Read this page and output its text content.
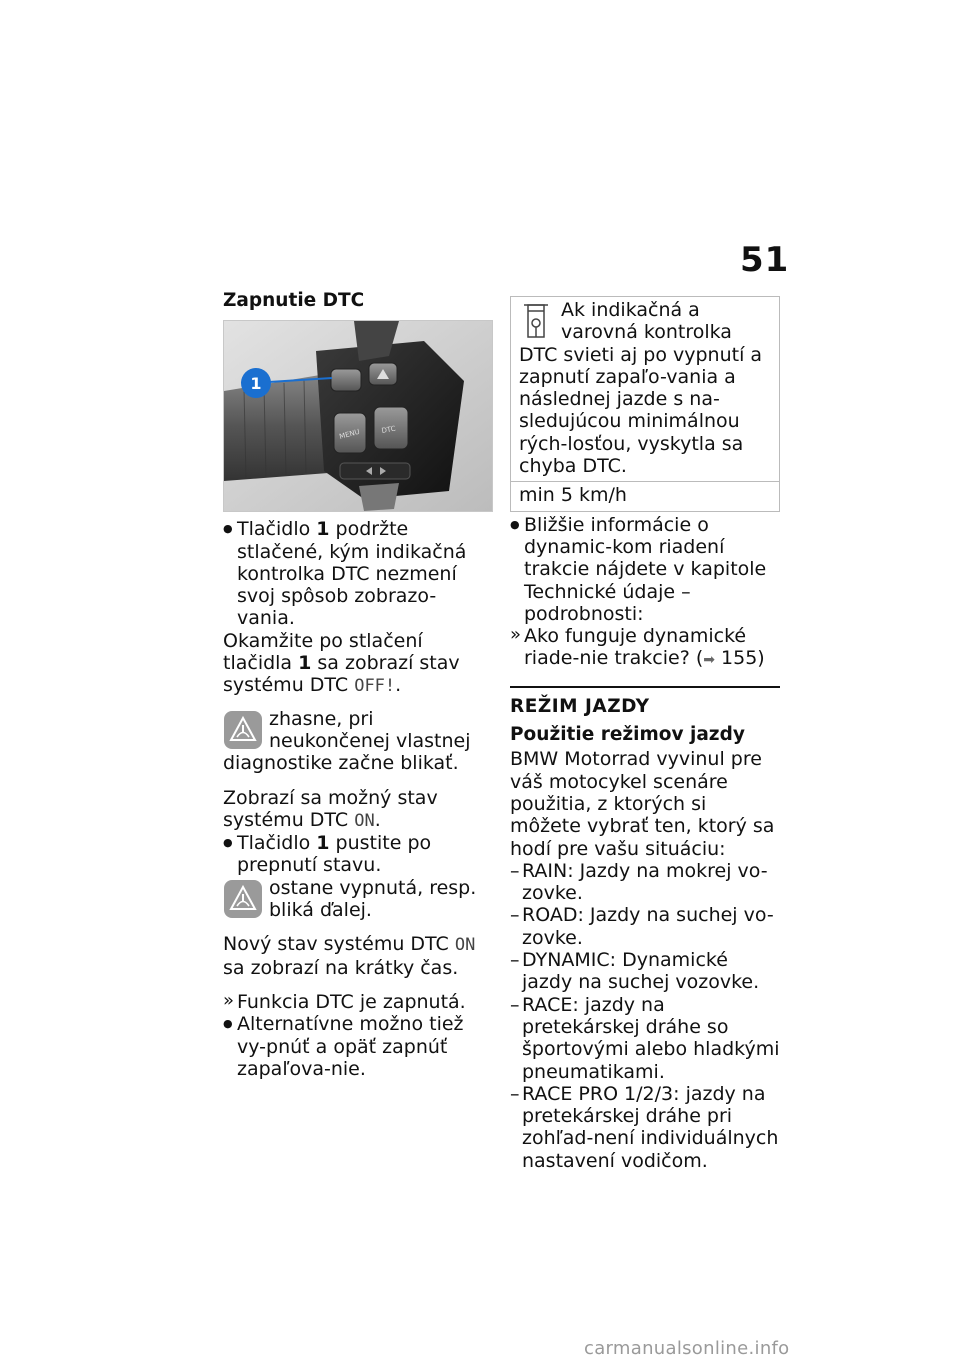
51
Zapnutie DTC
MENU	DTC
1
● Tlačidlo 1 podržte stlačené, kým indikačná kontrolka DTC nezmení svoj spôsob zobrazo-vania.

Okamžite po stlačení tlačidla 1 sa zobrazí stav systému DTC OFF!.

zhasne, pri neukončenej vlastnej diagnostike začne blikať.

Zobrazí sa možný stav systému DTC ON.

● Tlačidlo 1 pustite po prepnutí stavu.
ostane vypnutá, resp. bliká ďalej.

Nový stav systému DTC ON sa zobrazí na krátky čas.

» Funkcia DTC je zapnutá.
● Alternatívne možno tiež vy-pnúť a opäť zapnúť zapaľova-nie.
Ak indikačná a varovná kontrolka DTC svieti aj po vypnutí a zapnutí zapaľo-vania a následnej jazde s na-sledujúcou minimálnou rých-losťou, vyskytla sa chyba DTC.
min 5 km/h
● Bližšie informácie o dynamic-kom riadení trakcie nájdete v kapitole Technické údaje – podrobnosti:
» Ako funguje dynamické riade-nie trakcie? (➡ 155)
REŽIM JAZDY
Použitie režimov jazdy

BMW Motorrad vyvinul pre váš motocykel scenáre použitia, z ktorých si môžete vybrať ten, ktorý sa hodí pre vašu situáciu:

– RAIN: Jazdy na mokrej vo-zovke.
– ROAD: Jazdy na suchej vo-zovke.
– DYNAMIC: Dynamické jazdy na suchej vozovke.
– RACE: jazdy na pretekárskej dráhe so športovými alebo hladkými pneumatikami.
– RACE PRO 1/2/3: jazdy na pretekárskej dráhe pri zohľad-není individuálnych nastavení vodičom.
carmanualsonline.info
